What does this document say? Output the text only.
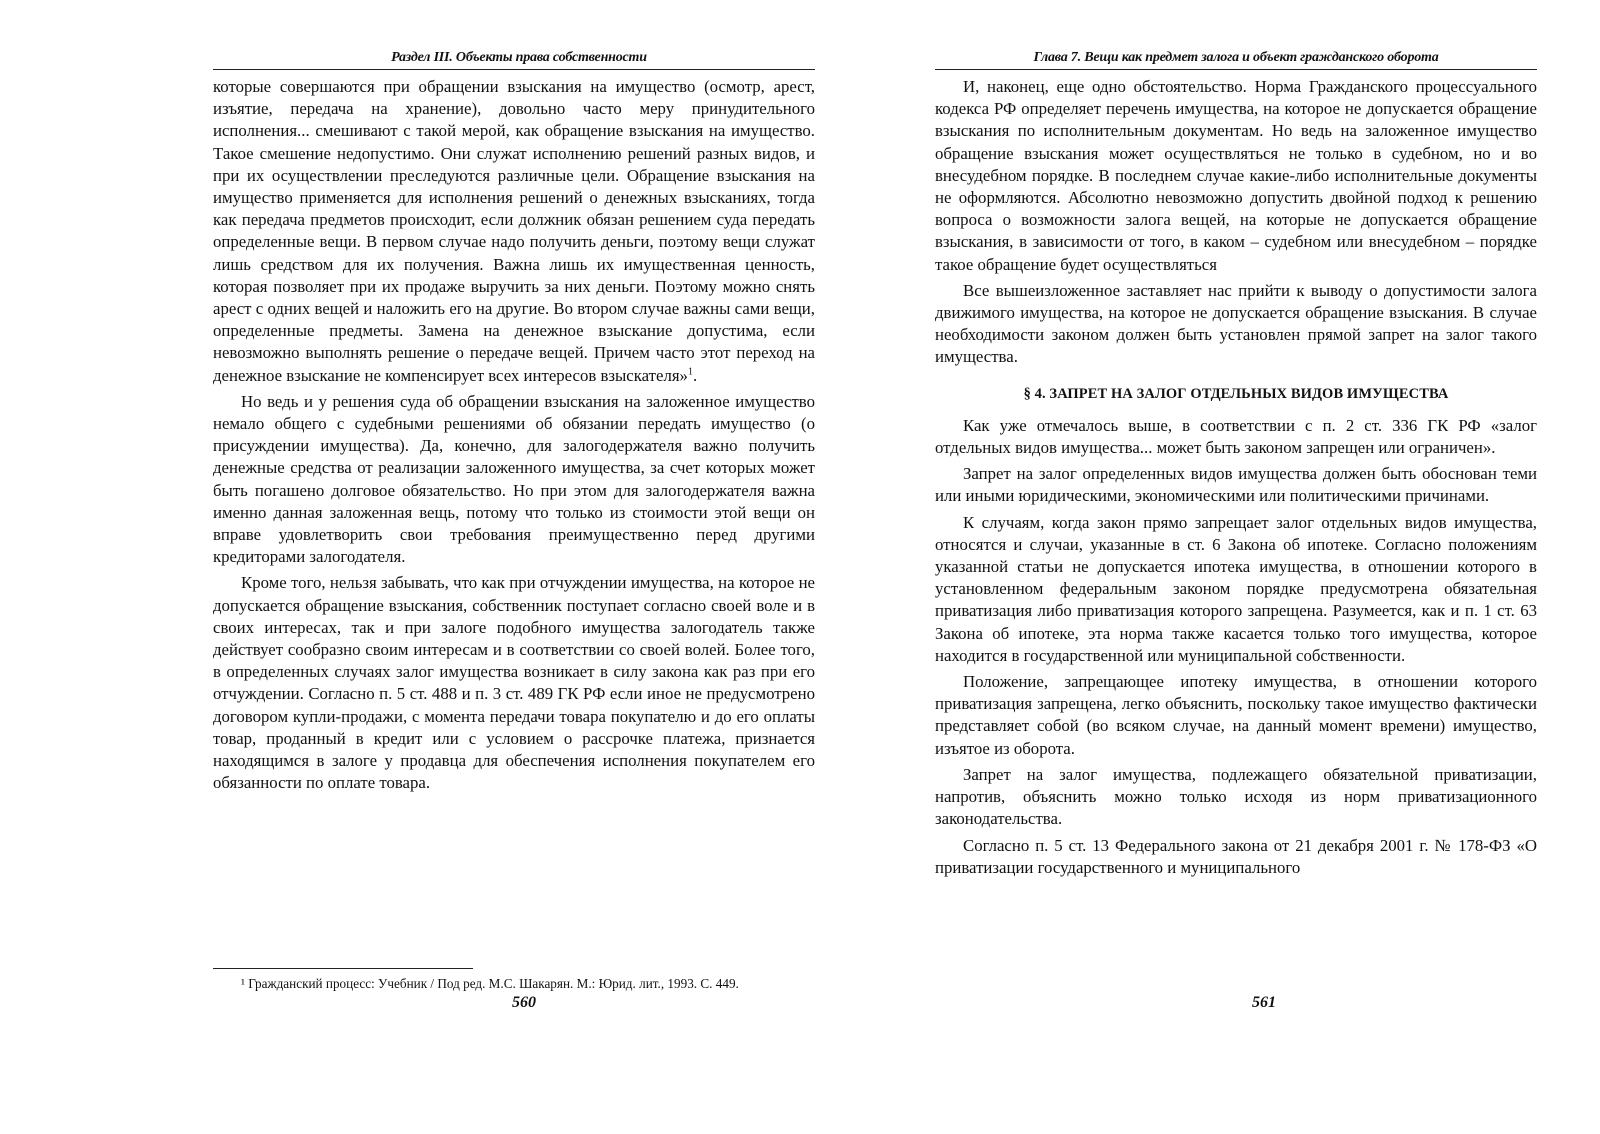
Раздел III. Объекты права собственности

которые совершаются при обращении взыскания на имущество (осмотр, арест, изъятие, передача на хранение), довольно часто меру принудительного исполнения... смешивают с такой мерой, как обращение взыскания на имущество. Такое смешение недопустимо. Они служат исполнению решений разных видов, и при их осуществлении преследуются различные цели. Обращение взыскания на имущество применяется для исполнения решений о денежных взысканиях, тогда как передача предметов происходит, если должник обязан решением суда передать определенные вещи. В первом случае надо получить деньги, поэтому вещи служат лишь средством для их получения. Важна лишь их имущественная ценность, которая позволяет при их продаже выручить за них деньги. Поэтому можно снять арест с одних вещей и наложить его на другие. Во втором случае важны сами вещи, определенные предметы. Замена на денежное взыскание допустима, если невозможно выполнять решение о передаче вещей. Причем часто этот переход на денежное взыскание не компенсирует всех интересов взыскателя»$^1$.

Но ведь и у решения суда об обращении взыскания на заложенное имущество немало общего с судебными решениями об обязании передать имущество (о присуждении имущества). Да, конечно, для залогодержателя важно получить денежные средства от реализации заложенного имущества, за счет которых может быть погашено долговое обязательство. Но при этом для залогодержателя важна именно данная заложенная вещь, потому что только из стоимости этой вещи он вправе удовлетворить свои требования преимущественно перед другими кредиторами залогодателя.

Кроме того, нельзя забывать, что как при отчуждении имущества, на которое не допускается обращение взыскания, собственник поступает согласно своей воле и в своих интересах, так и при залоге подобного имущества залогодатель также действует сообразно своим интересам и в соответствии со своей волей. Более того, в определенных случаях залог имущества возникает в силу закона как раз при его отчуждении. Согласно п. 5 ст. 488 и п. 3 ст. 489 ГК РФ если иное не предусмотрено договором купли-продажи, с момента передачи товара покупателю и до его оплаты товар, проданный в кредит или с условием о рассрочке платежа, признается находящимся в залоге у продавца для обеспечения исполнения покупателем его обязанности по оплате товара.

¹ Гражданский процесс: Учебник / Под ред. М.С. Шакарян. М.: Юрид. лит., 1993. С. 449.
560
Глава 7. Вещи как предмет залога и объект гражданского оборота

И, наконец, еще одно обстоятельство. Норма Гражданского процессуального кодекса РФ определяет перечень имущества, на которое не допускается обращение взыскания по исполнительным документам. Но ведь на заложенное имущество обращение взыскания может осуществляться не только в судебном, но и во внесудебном порядке. В последнем случае какие-либо исполнительные документы не оформляются. Абсолютно невозможно допустить двойной подход к решению вопроса о возможности залога вещей, на которые не допускается обращение взыскания, в зависимости от того, в каком – судебном или внесудебном – порядке такое обращение будет осуществляться

Все вышеизложенное заставляет нас прийти к выводу о допустимости залога движимого имущества, на которое не допускается обращение взыскания. В случае необходимости законом должен быть установлен прямой запрет на залог такого имущества.

§ 4. ЗАПРЕТ НА ЗАЛОГ ОТДЕЛЬНЫХ ВИДОВ ИМУЩЕСТВА

Как уже отмечалось выше, в соответствии с п. 2 ст. 336 ГК РФ «залог отдельных видов имущества... может быть законом запрещен или ограничен».

Запрет на залог определенных видов имущества должен быть обоснован теми или иными юридическими, экономическими или политическими причинами.

К случаям, когда закон прямо запрещает залог отдельных видов имущества, относятся и случаи, указанные в ст. 6 Закона об ипотеке. Согласно положениям указанной статьи не допускается ипотека имущества, в отношении которого в установленном федеральным законом порядке предусмотрена обязательная приватизация либо приватизация которого запрещена. Разумеется, как и п. 1 ст. 63 Закона об ипотеке, эта норма также касается только того имущества, которое находится в государственной или муниципальной собственности.

Положение, запрещающее ипотеку имущества, в отношении которого приватизация запрещена, легко объяснить, поскольку такое имущество фактически представляет собой (во всяком случае, на данный момент времени) имущество, изъятое из оборота.

Запрет на залог имущества, подлежащего обязательной приватизации, напротив, объяснить можно только исходя из норм приватизационного законодательства.

Согласно п. 5 ст. 13 Федерального закона от 21 декабря 2001 г. № 178-ФЗ «О приватизации государственного и муниципального

561
